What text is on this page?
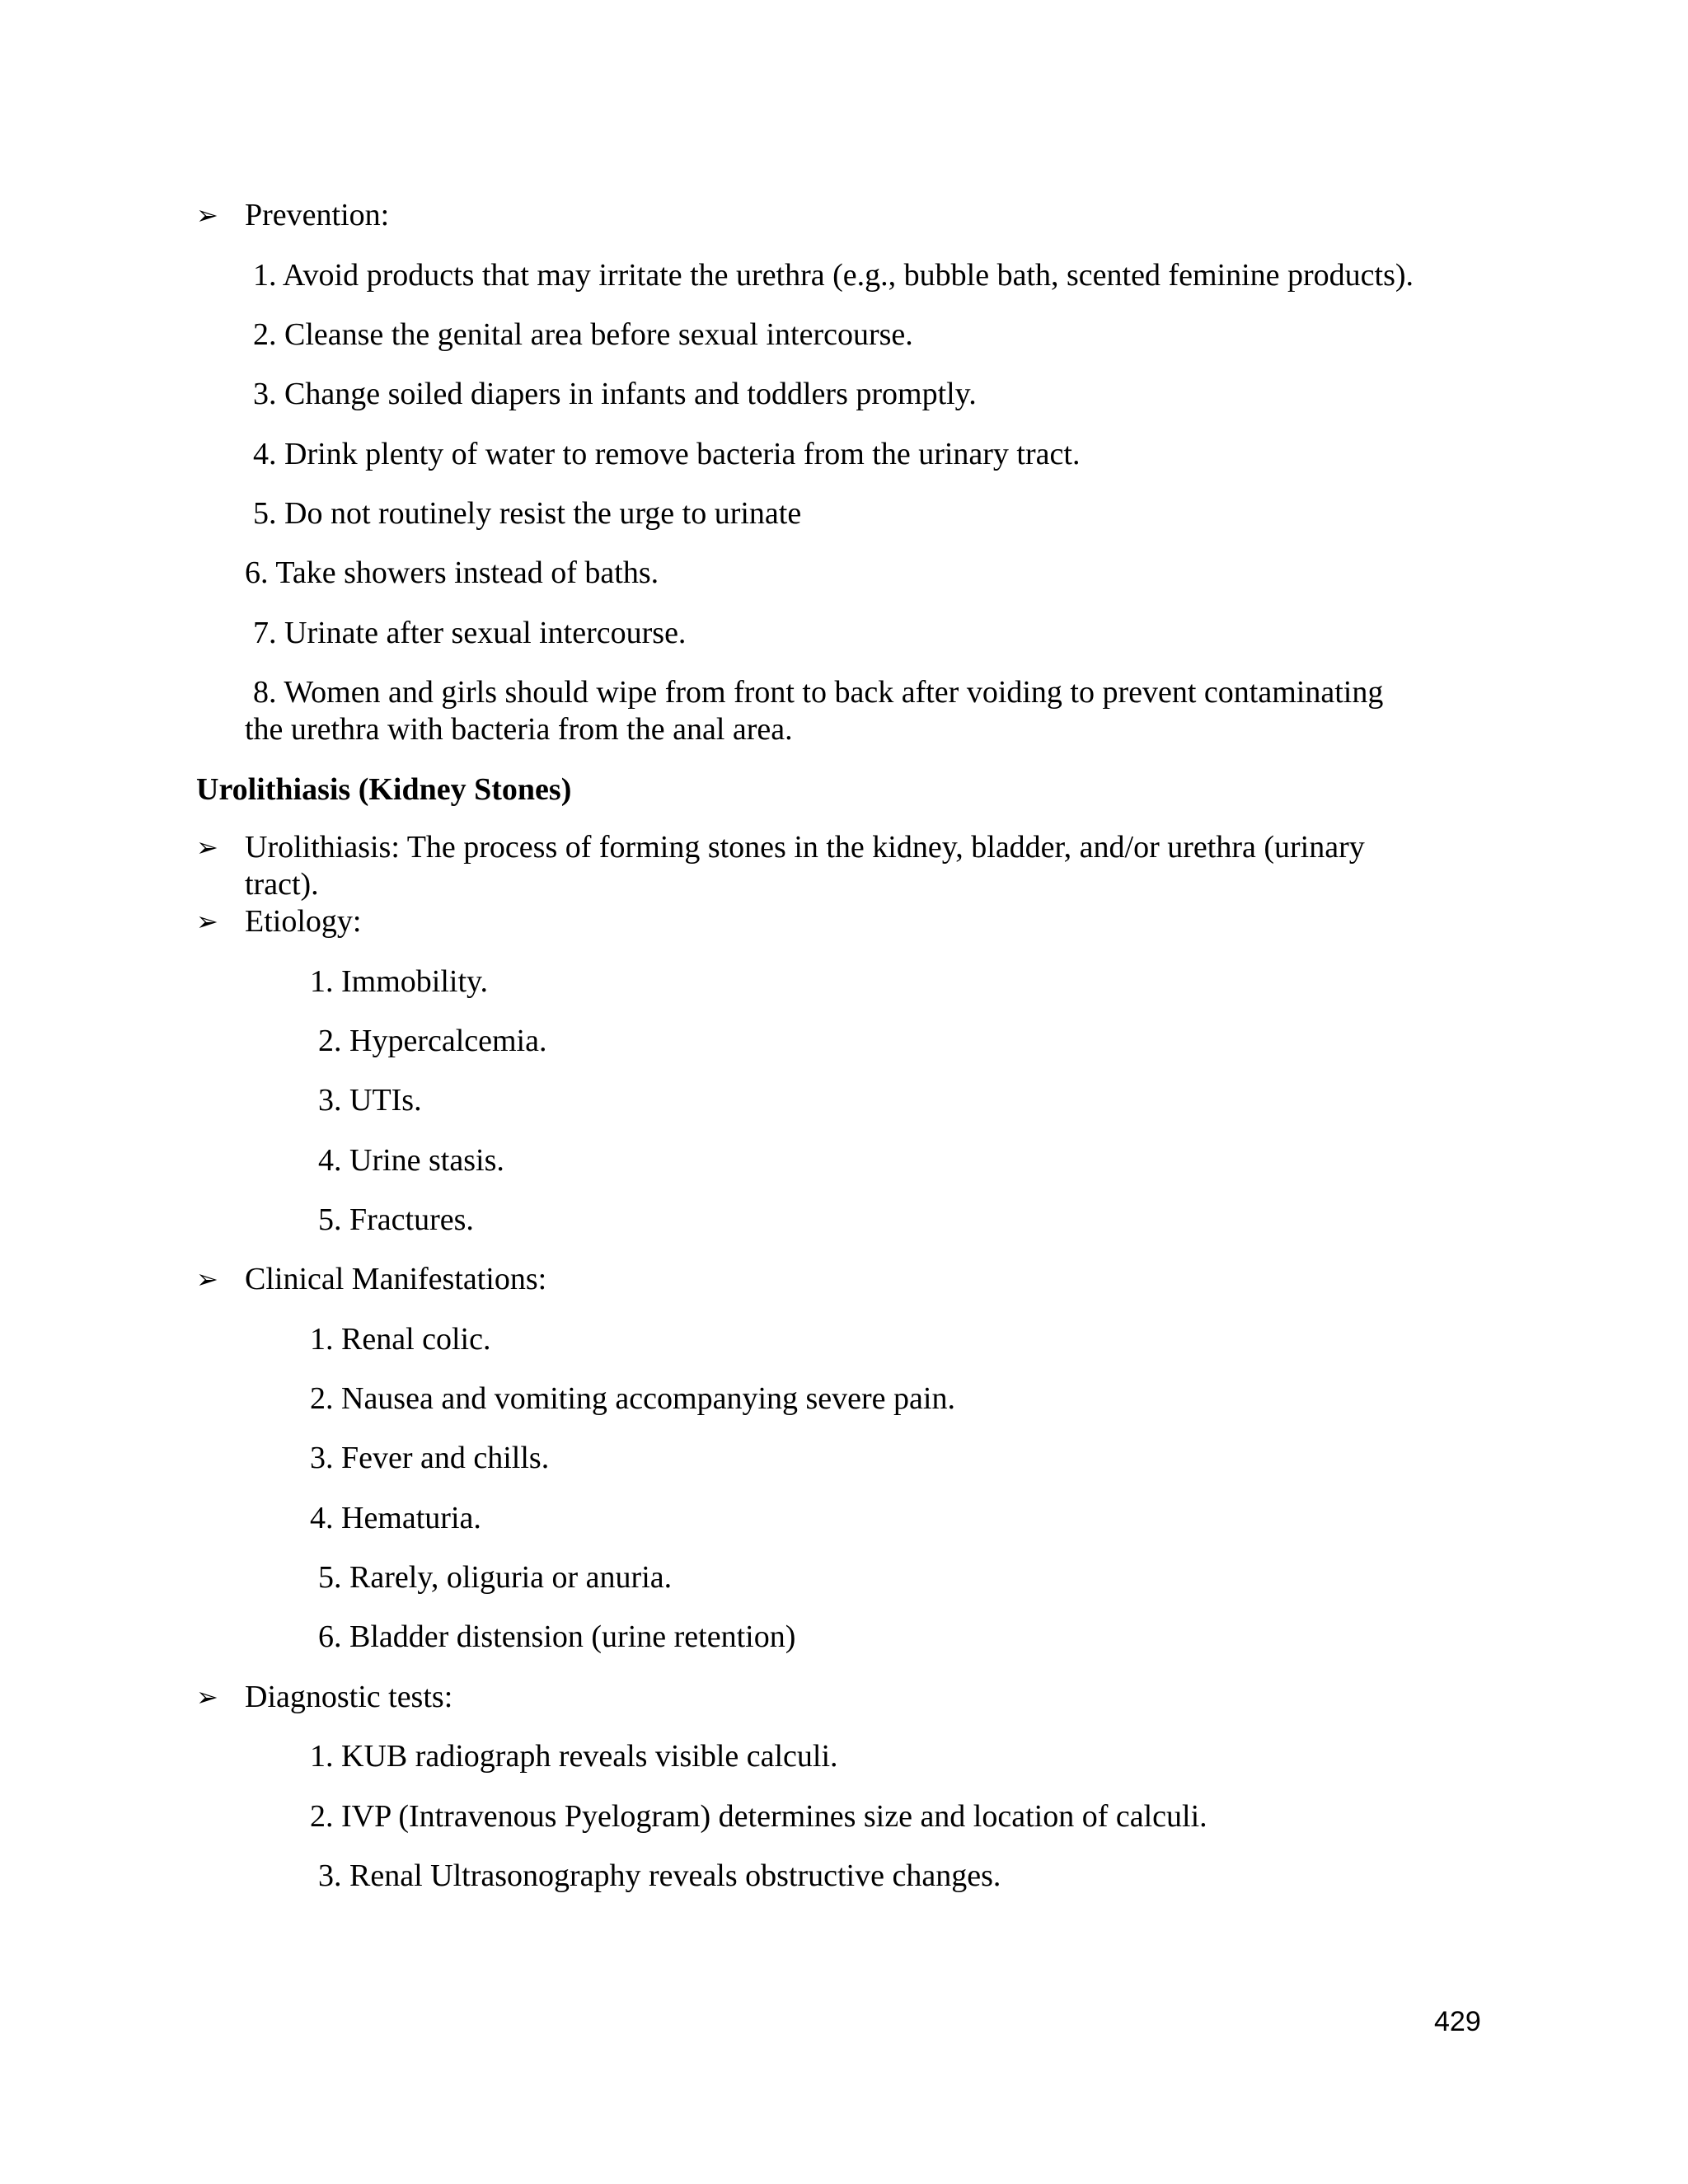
➢ Prevention:
1. Avoid products that may irritate the urethra (e.g., bubble bath, scented feminine products).
2. Cleanse the genital area before sexual intercourse.
3. Change soiled diapers in infants and toddlers promptly.
4. Drink plenty of water to remove bacteria from the urinary tract.
5. Do not routinely resist the urge to urinate
6. Take showers instead of baths.
7. Urinate after sexual intercourse.
8. Women and girls should wipe from front to back after voiding to prevent contaminating
the urethra with bacteria from the anal area.
Urolithiasis (Kidney Stones)
➢ Urolithiasis: The process of forming stones in the kidney, bladder, and/or urethra (urinary
tract).
➢ Etiology:
1. Immobility.
2. Hypercalcemia.
3. UTIs.
4. Urine stasis.
5. Fractures.
➢ Clinical Manifestations:
1. Renal colic.
2. Nausea and vomiting accompanying severe pain.
3. Fever and chills.
4. Hematuria.
5. Rarely, oliguria or anuria.
6. Bladder distension (urine retention)
➢ Diagnostic tests:
1. KUB radiograph reveals visible calculi.
2. IVP (Intravenous Pyelogram) determines size and location of calculi.
3. Renal Ultrasonography reveals obstructive changes.
429
